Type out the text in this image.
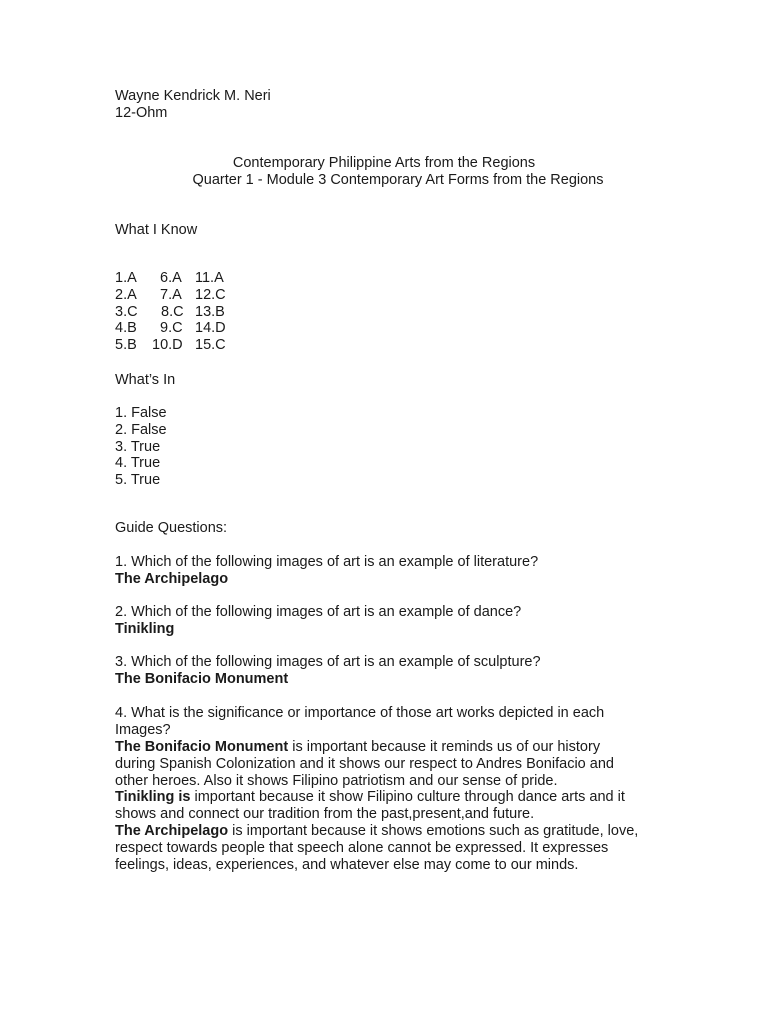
Wayne Kendrick M. Neri
12-Ohm
Contemporary Philippine Arts from the Regions
Quarter 1 - Module 3 Contemporary Art Forms from the Regions
What I Know
1.A	6.A 11.A
2.A	7.A 12.C
3.C	8.C 13.B
4.B	9.C 14.D
5.B	10.D 15.C
What’s In
1. False
2. False
3. True
4. True
5. True
Guide Questions:
1. Which of the following images of art is an example of literature?
The Archipelago
2. Which of the following images of art is an example of dance?
Tinikling
3. Which of the following images of art is an example of sculpture?
The Bonifacio Monument
4. What is the significance or importance of those art works depicted in each Images?
The Bonifacio Monument is important because it reminds us of our history during Spanish Colonization and it shows our respect to Andres Bonifacio and other heroes. Also it shows Filipino patriotism and our sense of pride.
Tinikling is important because it show Filipino culture through dance arts and it shows and connect our tradition from the past,present,and future.
The Archipelago is important because it shows emotions such as gratitude, love, respect towards people that speech alone cannot be expressed. It expresses feelings, ideas, experiences, and whatever else may come to our minds.
